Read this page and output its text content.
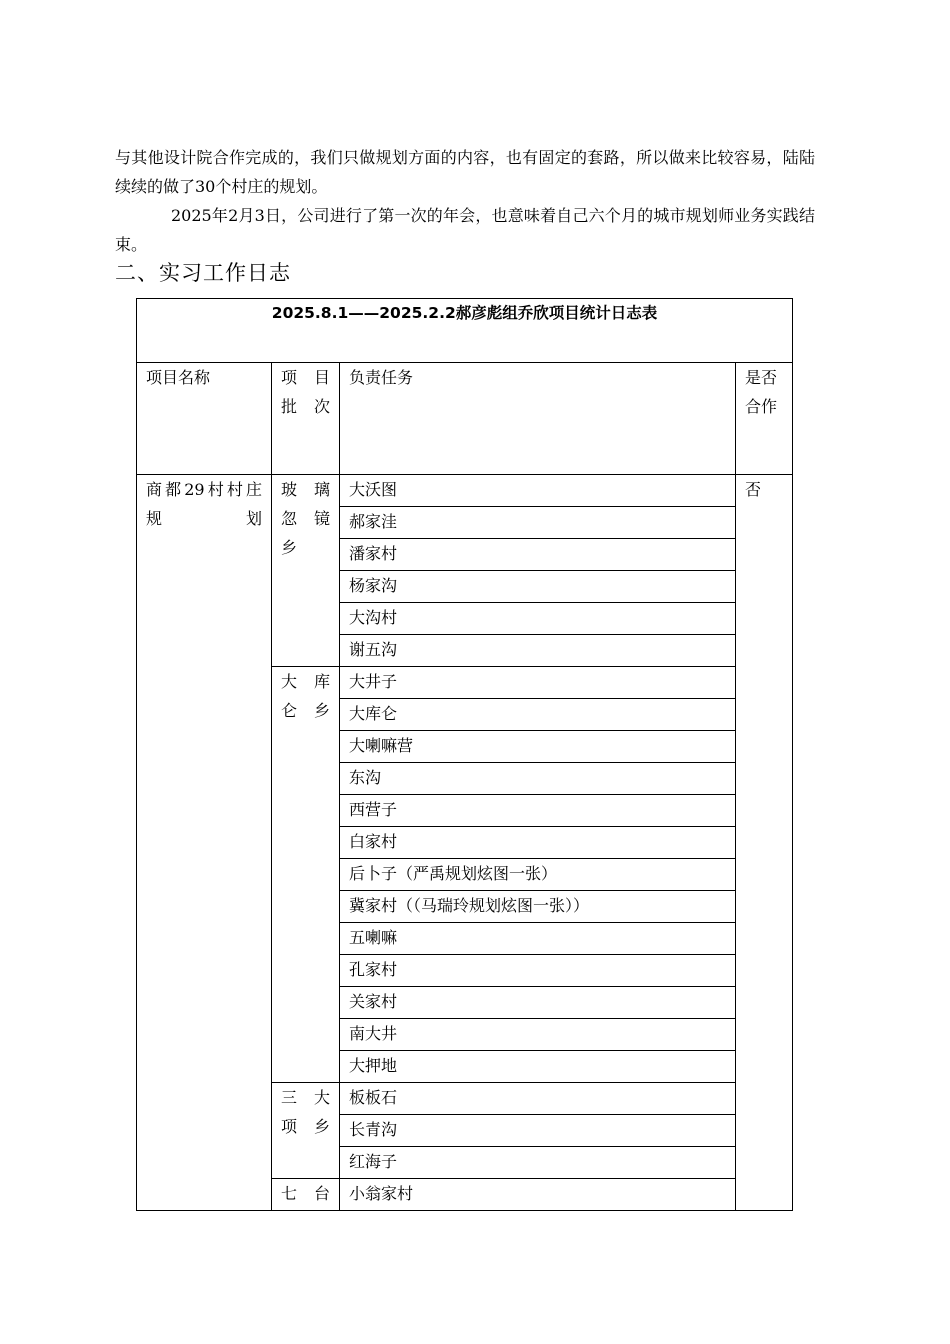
与其他设计院合作完成的，我们只做规划方面的内容，也有固定的套路，所以做来比较容易，陆陆续续的做了30个村庄的规划。

2025年2月3日，公司进行了第一次的年会，也意味着自己六个月的城市规划师业务实践结束。

二、实习工作日志
2025.8.1——2025.2.2郝彦彪组乔欣项目统计日志表			
项目名称	项 目 批次	负责任务	是否合作
商都29村村庄规划	玻 璃 忽 镜 乡	大沃图	否
		郝家洼	
		潘家村	
		杨家沟	
		大沟村	
		谢五沟	
	大 库 仑乡	大井子	
		大库仑	
		大喇嘛营	
		东沟	
		西营子	
		白家村	
		后卜子（严禹规划炫图一张）	
		冀家村（（马瑞玲规划炫图一张））	
		五喇嘛	
		孔家村	
		关家村	
		南大井	
		大押地	
	三 大 项乡	板板石	
		长青沟	
		红海子	
	七 台	小翁家村	
